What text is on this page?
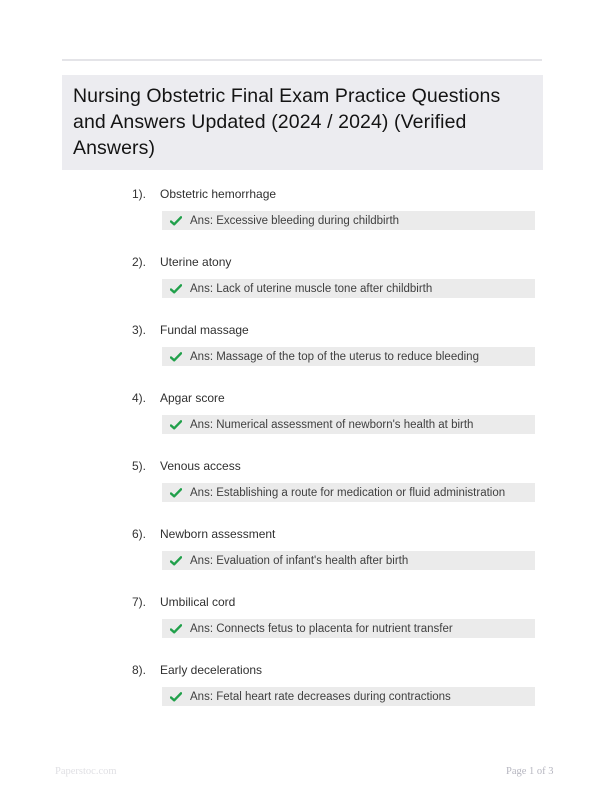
Nursing Obstetric Final Exam Practice Questions and Answers Updated (2024 / 2024) (Verified Answers)
1).	Obstetric hemorrhage
Ans: Excessive bleeding during childbirth
2).	Uterine atony
Ans: Lack of uterine muscle tone after childbirth
3).	Fundal massage
Ans: Massage of the top of the uterus to reduce bleeding
4).	Apgar score
Ans: Numerical assessment of newborn's health at birth
5).	Venous access
Ans: Establishing a route for medication or fluid administration
6).	Newborn assessment
Ans: Evaluation of infant's health after birth
7).	Umbilical cord
Ans: Connects fetus to placenta for nutrient transfer
8).	Early decelerations
Ans: Fetal heart rate decreases during contractions
Paperstoc.com	Page 1 of 3
